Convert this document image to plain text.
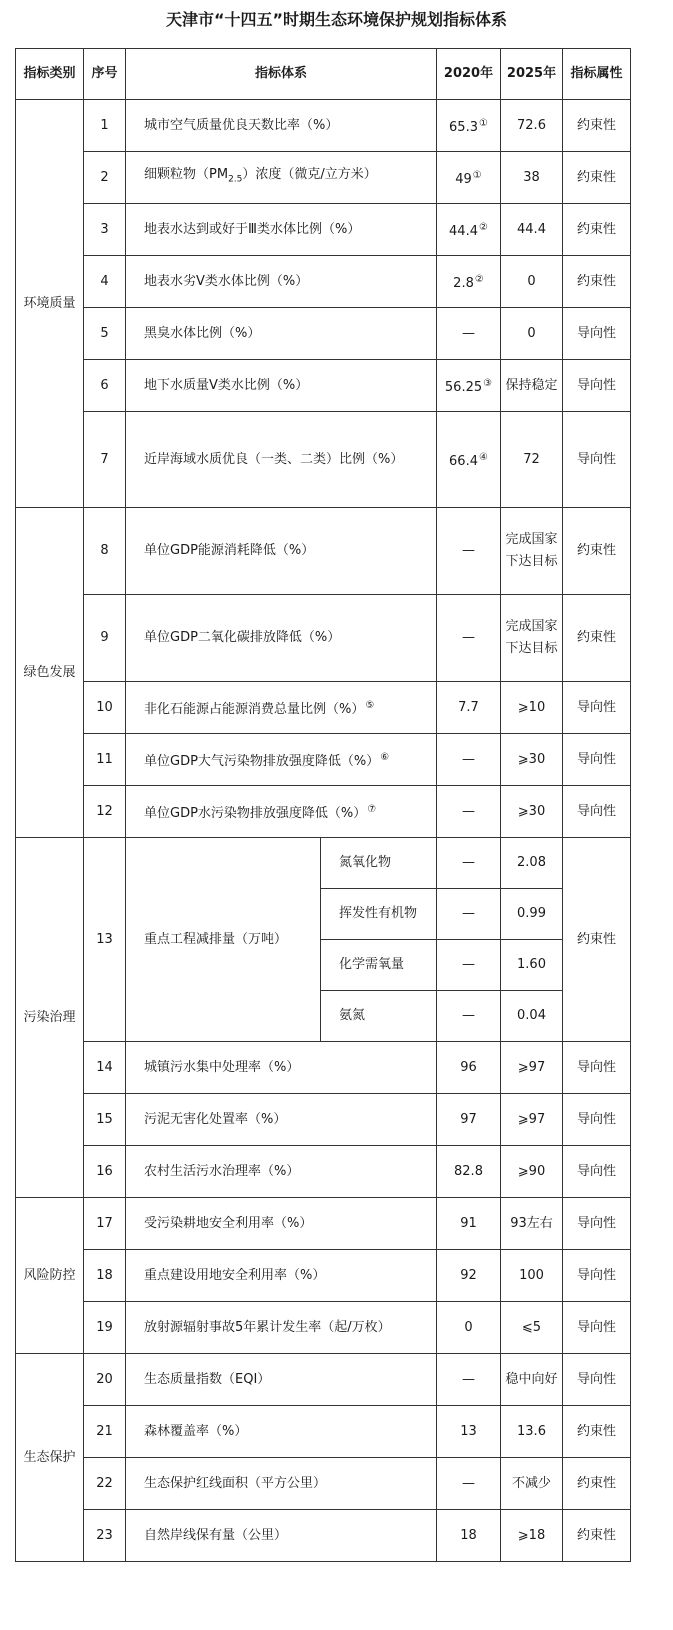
天津市“十四五”时期生态环境保护规划指标体系
指标类别	序号	指标体系		2020年	2025年	指标属性
环境质量	1	城市空气质量优良天数比率（%）		65.3①	72.6	约束性
	2	细颗粒物$(PM_{2.5})$浓度（微克/立方米）		49①	38	约束性
	3	地表水达到或好于Ⅲ类水体比例（%）		44.4②	44.4	约束性
	4	地表水劣V类水体比例（%）		2.8②	0	约束性
	5	黑臭水体比例（%）		—	0	导向性
	6	地下水质量V类水比例（%）		56.25③	保持稳定	导向性
	7	近岸海域水质优良（一类、二类）比例（%）		66.4④	72	导向性
绿色发展	8	单位GDP能源消耗降低（%）		—	完成国家下达目标	约束性
	9	单位GDP二氧化碳排放降低（%）		—	完成国家下达目标	约束性
	10	非化石能源占能源消费总量比例（%）⑤		7.7	⩾10	导向性
	11	单位GDP大气污染物排放强度降低（%）⑥		—	⩾30	导向性
	12	单位GDP水污染物排放强度降低（%）⑦		—	⩾30	导向性
污染治理	13	重点工程减排量（万吨）	氮氧化物	—	2.08	约束性
			挥发性有机物	—	0.99	
			化学需氧量	—	1.60	
			氨氮	—	0.04	
	14	城镇污水集中处理率（%）		96	⩾97	导向性
	15	污泥无害化处置率（%）		97	⩾97	导向性
	16	农村生活污水治理率（%）		82.8	⩾90	导向性
风险防控	17	受污染耕地安全利用率（%）		91	93左右	导向性
	18	重点建设用地安全利用率（%）		92	100	导向性
	19	放射源辐射事故5年累计发生率（起/万枚）		0	⩽5	导向性
生态保护	20	生态质量指数（EQI）		—	稳中向好	导向性
	21	森林覆盖率（%）		13	13.6	约束性
	22	生态保护红线面积（平方公里）		—	不减少	约束性
	23	自然岸线保有量（公里）		18	⩾18	约束性
